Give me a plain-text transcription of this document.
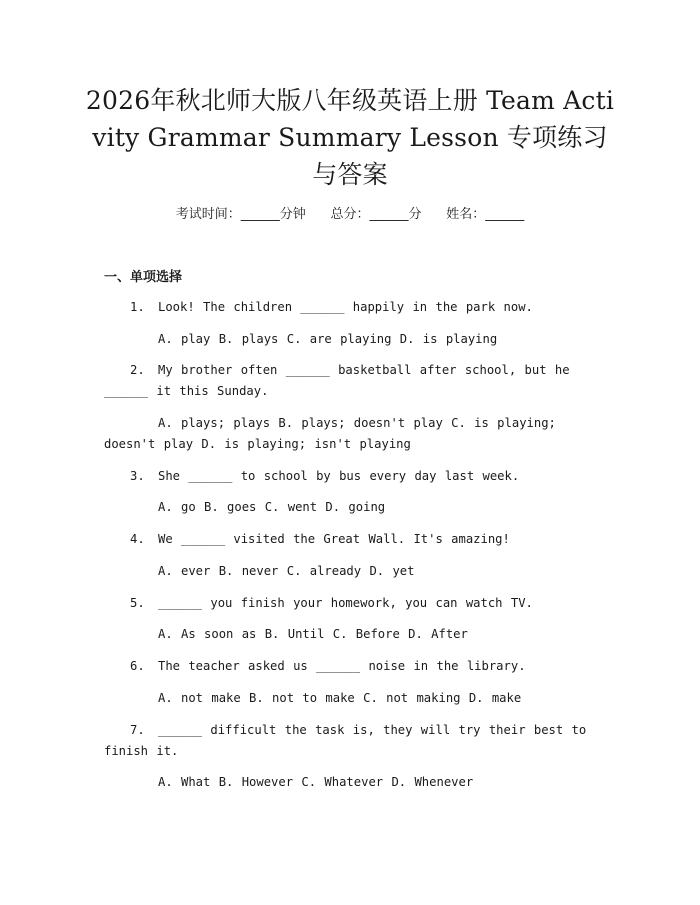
2026年秋北师大版八年级英语上册 Team Activity Grammar Summary Lesson 专项练习与答案
考试时间：______分钟      总分：______分      姓名：______
一、单项选择
1. Look! The children ______ happily in the park now.
A. play B. plays C. are playing D. is playing
2. My brother often ______ basketball after school, but he ______ it this Sunday.
A. plays; plays B. plays; doesn't play C. is playing; doesn't play D. is playing; isn't playing
3. She ______ to school by bus every day last week.
A. go B. goes C. went D. going
4. We ______ visited the Great Wall. It's amazing!
A. ever B. never C. already D. yet
5. ______ you finish your homework, you can watch TV.
A. As soon as B. Until C. Before D. After
6. The teacher asked us ______ noise in the library.
A. not make B. not to make C. not making D. make
7. ______ difficult the task is, they will try their best to finish it.
A. What B. However C. Whatever D. Whenever
